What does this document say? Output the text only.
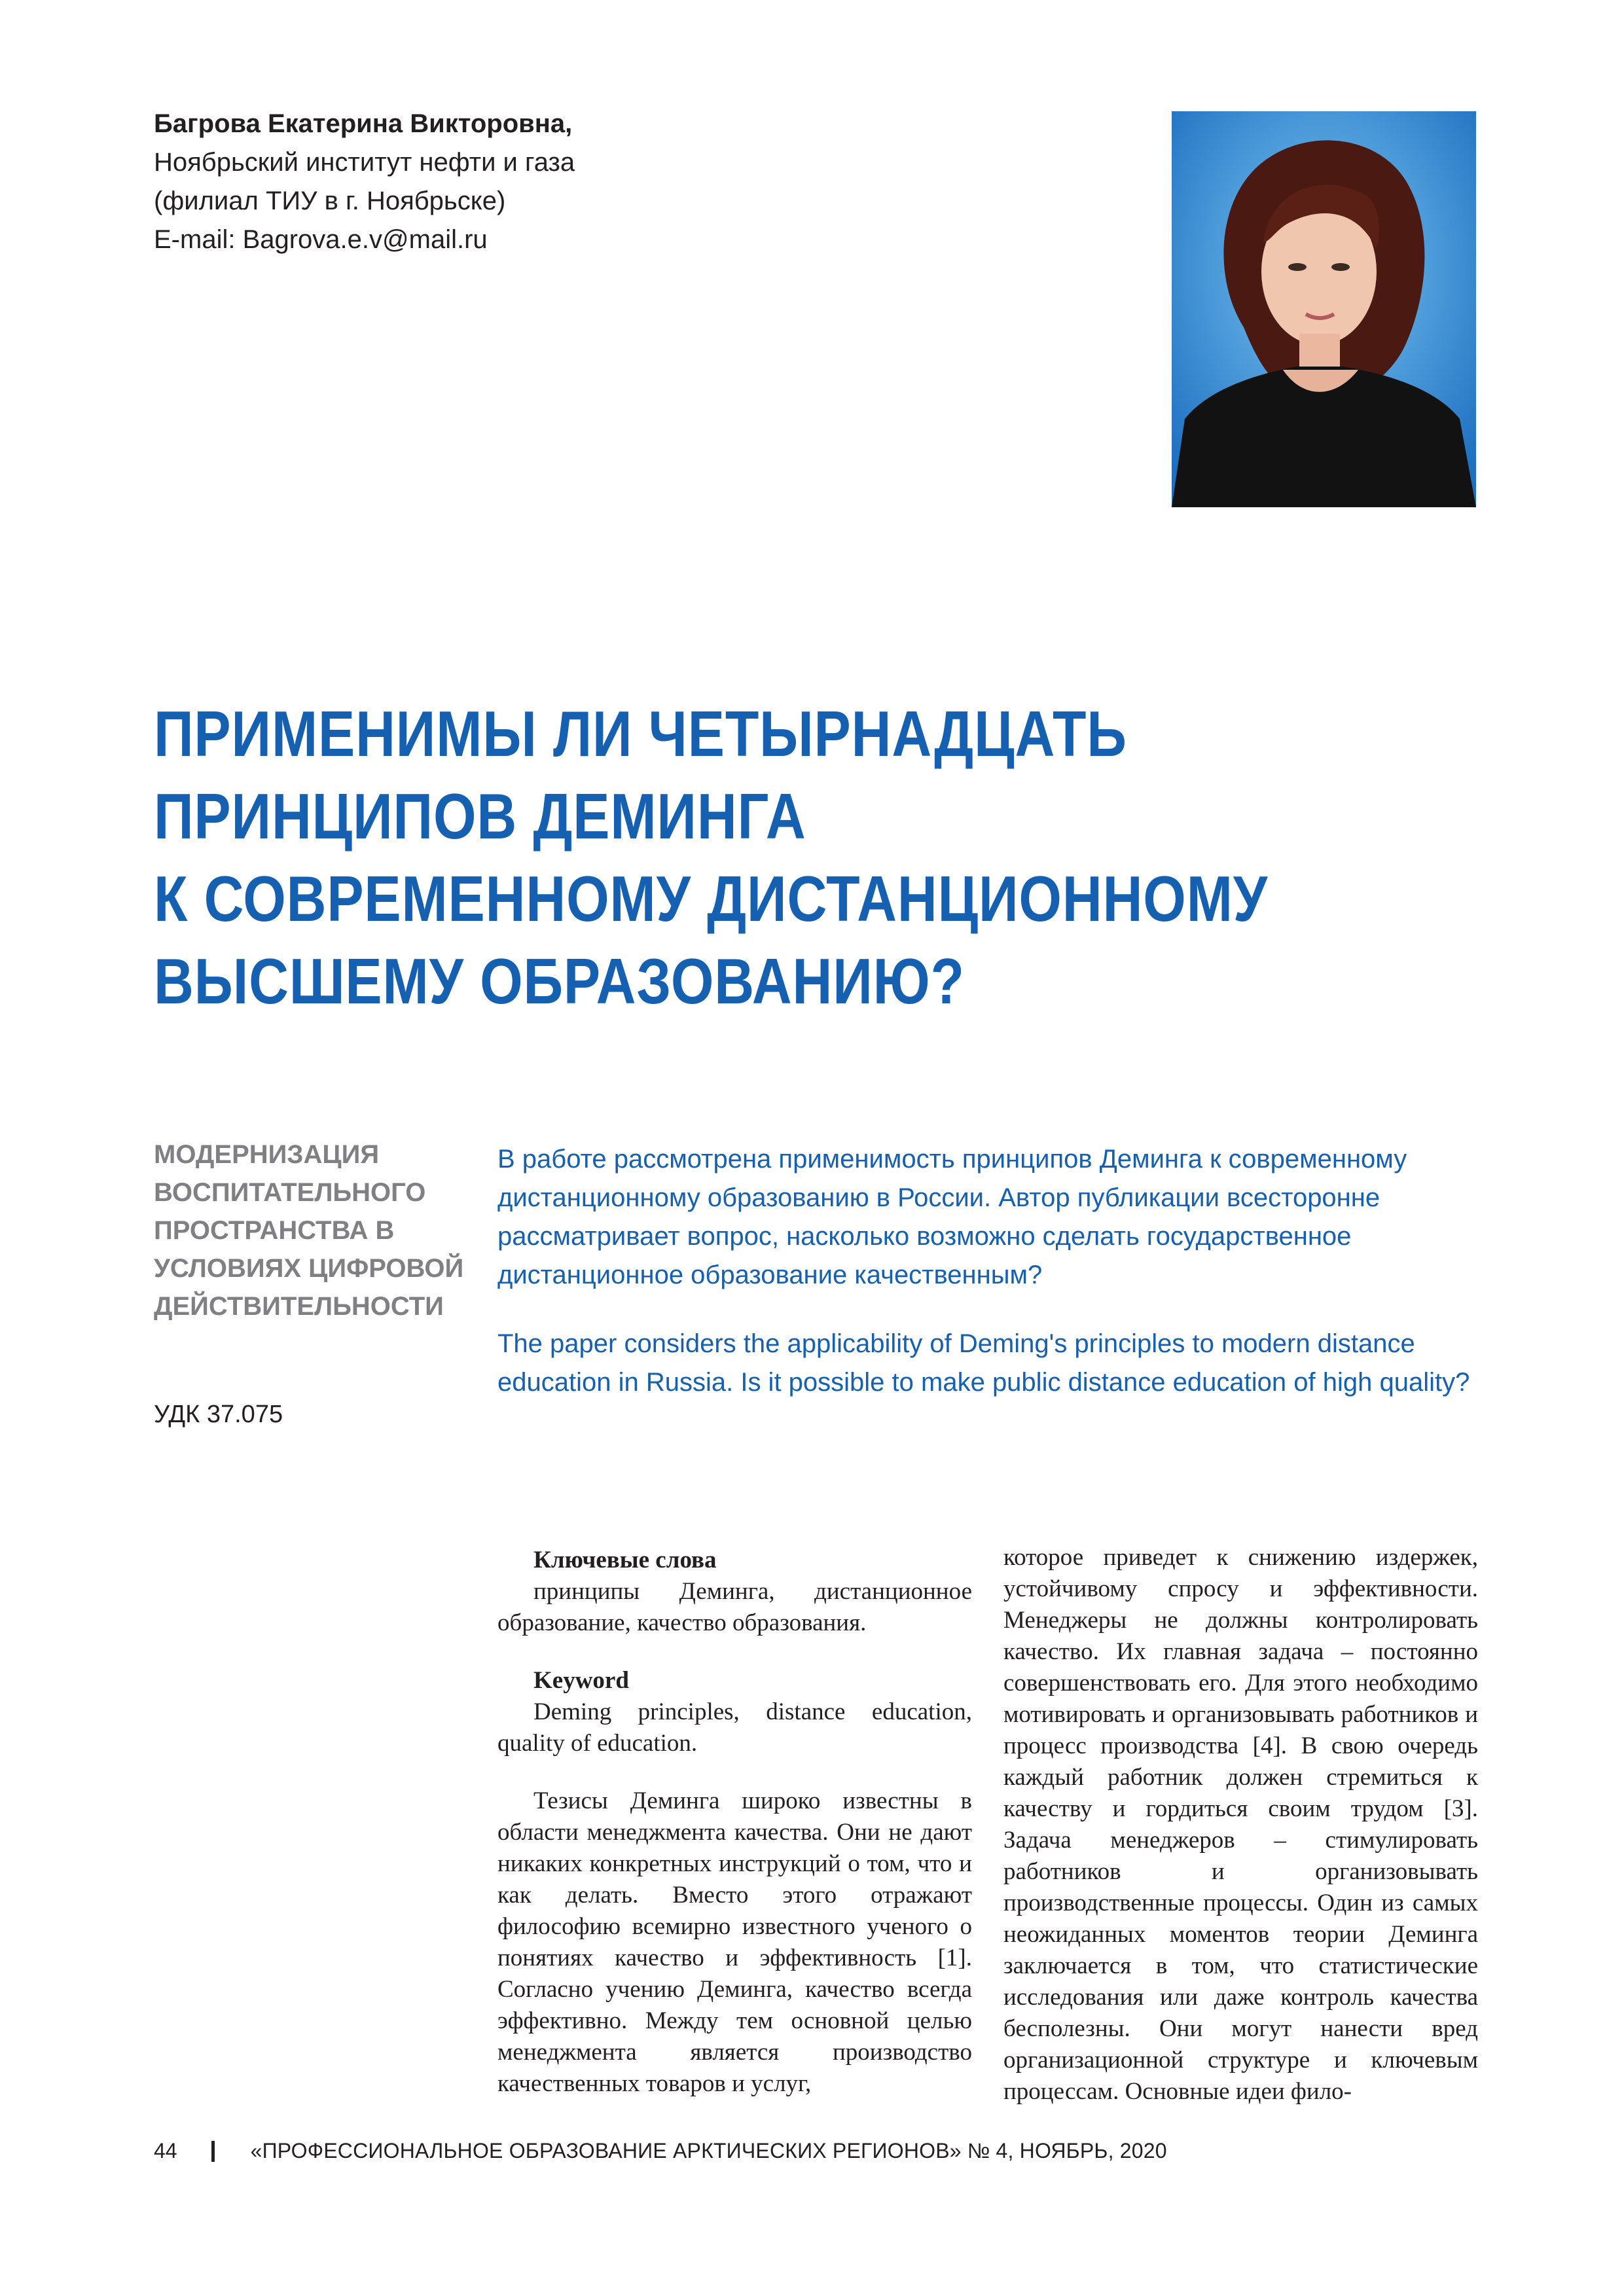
Багрова Екатерина Викторовна,
Ноябрьский институт нефти и газа
(филиал ТИУ в г. Ноябрьске)
E-mail: Bagrova.e.v@mail.ru
ПРИМЕНИМЫ ЛИ ЧЕТЫРНАДЦАТЬ
ПРИНЦИПОВ ДЕМИНГА
К СОВРЕМЕННОМУ ДИСТАНЦИОННОМУ
ВЫСШЕМУ ОБРАЗОВАНИЮ?
МОДЕРНИЗАЦИЯ
ВОСПИТАТЕЛЬНОГО
ПРОСТРАНСТВА В
УСЛОВИЯХ ЦИФРОВОЙ
ДЕЙСТВИТЕЛЬНОСТИ
УДК 37.075

В работе рассмотрена применимость принципов Деминга к современному дистанционному образованию в России. Автор публикации всесторонне рассматривает вопрос, насколько возможно сделать государственное дистанционное образование качественным?

The paper considers the applicability of Deming's principles to modern distance education in Russia. Is it possible to make public distance education of high quality?

Ключевые слова

принципы Деминга, дистанционное образование, качество образования.

Keyword

Deming principles, distance education, quality of education.

Тезисы Деминга широко известны в области менеджмента качества. Они не дают никаких конкретных инструкций о том, что и как делать. Вместо этого отражают философию всемирно известного ученого о понятиях качество и эффективность [1]. Согласно учению Деминга, качество всегда эффективно. Между тем основной целью менеджмента является производство качественных товаров и услуг,

которое приведет к снижению издержек, устойчивому спросу и эффективности. Менеджеры не должны контролировать качество. Их главная задача – постоянно совершенствовать его. Для этого необходимо мотивировать и организовывать работников и процесс производства [4]. В свою очередь каждый работник должен стремиться к качеству и гордиться своим трудом [3]. Задача менеджеров – стимулировать работников и организовывать производственные процессы. Один из самых неожиданных моментов теории Деминга заключается в том, что статистические исследования или даже контроль качества бесполезны. Они могут нанести вред организационной структуре и ключевым процессам. Основные идеи фило-

44	«ПРОФЕССИОНАЛЬНОЕ ОБРАЗОВАНИЕ АРКТИЧЕСКИХ РЕГИОНОВ» № 4, НОЯБРЬ, 2020
